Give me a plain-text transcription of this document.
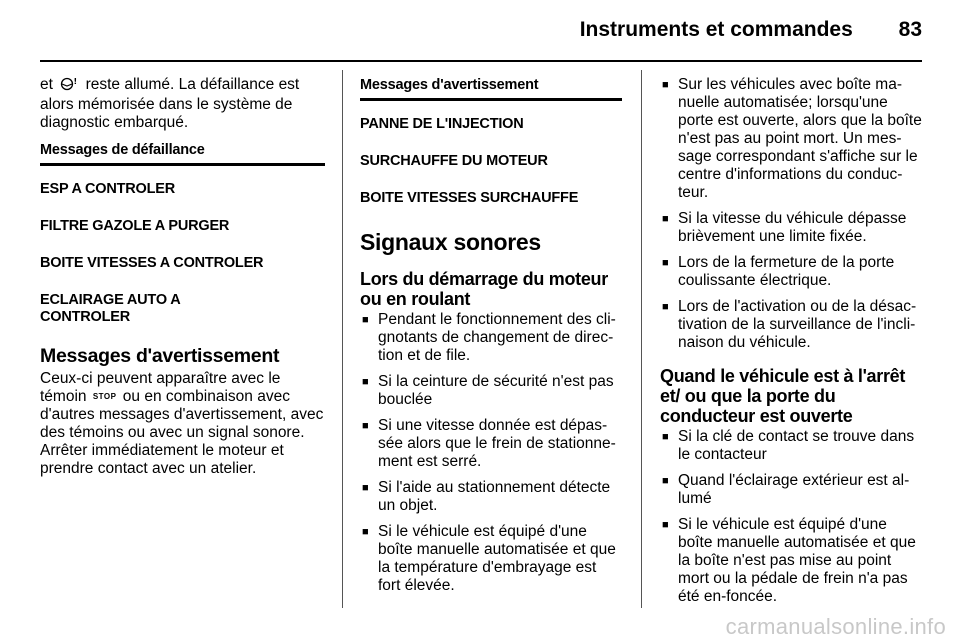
Instruments et commandes 83

et	! reste allumé. La défaillance est alors mémorisée dans le système de diagnostic embarqué.

Messages de défaillance
ESP A CONTROLER
FILTRE GAZOLE A PURGER
BOITE VITESSES A CONTROLER
ECLAIRAGE AUTO A CONTROLER
Messages d'avertissement

Ceux-ci peuvent apparaître avec le témoin STOP ou en combinaison avec d'autres messages d'avertissement, avec des témoins ou avec un signal sonore. Arrêter immédiatement le moteur et prendre contact avec un atelier.

Messages d'avertissement
PANNE DE L'INJECTION
SURCHAUFFE DU MOTEUR
BOITE VITESSES SURCHAUFFE
Signaux sonores
Lors du démarrage du moteur ou en roulant
■ Pendant le fonctionnement des cli-gnotants de changement de direc-tion et de file.
■ Si la ceinture de sécurité n'est pas bouclée
■ Si une vitesse donnée est dépas-sée alors que le frein de stationne-ment est serré.
■ Si l'aide au stationnement détecte un objet.
■ Si le véhicule est équipé d'une boîte manuelle automatisée et que la température d'embrayage est fort élevée.
■ Sur les véhicules avec boîte ma-nuelle automatisée; lorsqu'une porte est ouverte, alors que la boîte n'est pas au point mort. Un mes-sage correspondant s'affiche sur le centre d'informations du conduc-teur.
■ Si la vitesse du véhicule dépasse brièvement une limite fixée.
■ Lors de la fermeture de la porte coulissante électrique.
■ Lors de l'activation ou de la désac-tivation de la surveillance de l'incli-naison du véhicule.
Quand le véhicule est à l'arrêt et/ ou que la porte du conducteur est ouverte
■ Si la clé de contact se trouve dans le contacteur
■ Quand l'éclairage extérieur est al-lumé
■ Si le véhicule est équipé d'une boîte manuelle automatisée et que la boîte n'est pas mise au point mort ou la pédale de frein n'a pas été en-foncée.
carmanualsonline.info
